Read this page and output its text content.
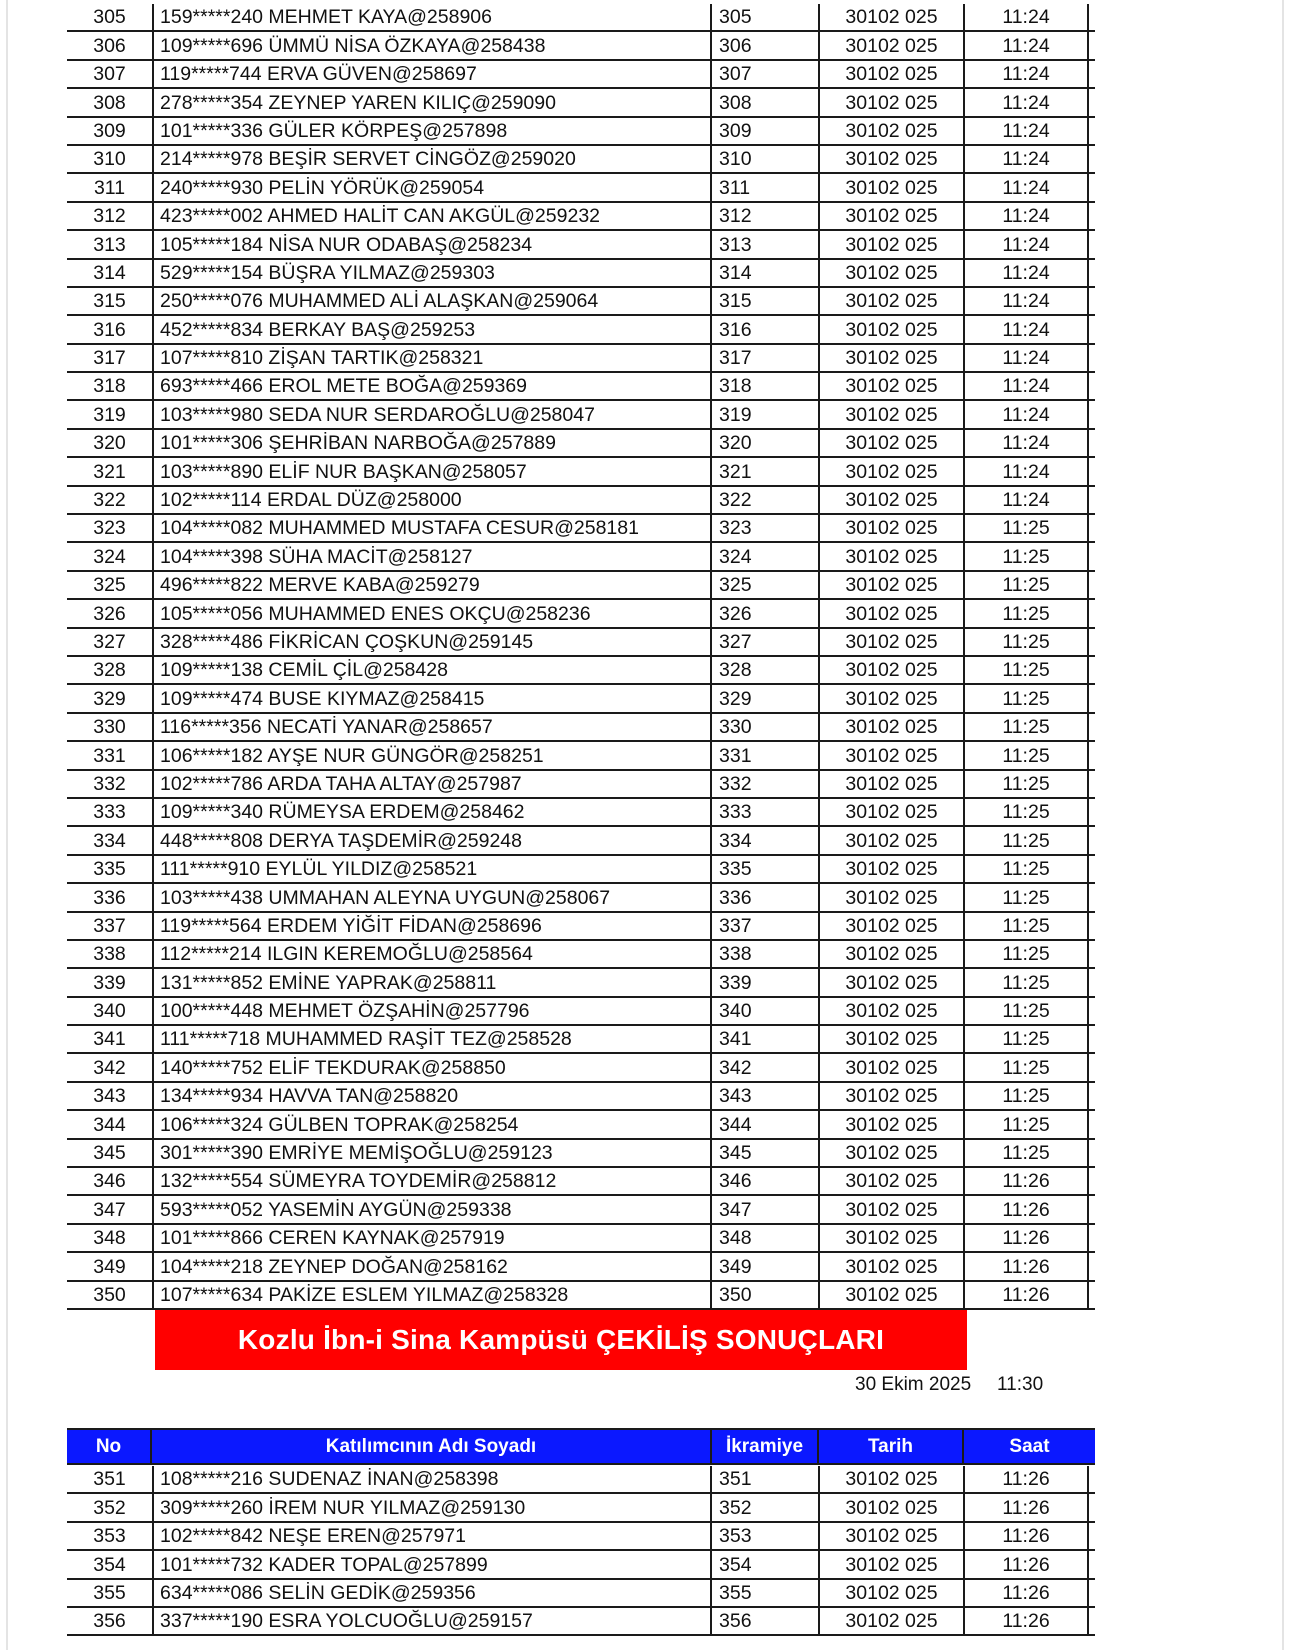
305	159*****240 MEHMET KAYA@258906	305	30102 025	11:24
306	109*****696 ÜMMÜ NİSA ÖZKAYA@258438	306	30102 025	11:24
307	119*****744 ERVA GÜVEN@258697	307	30102 025	11:24
308	278*****354 ZEYNEP YAREN KILIÇ@259090	308	30102 025	11:24
309	101*****336 GÜLER KÖRPEŞ@257898	309	30102 025	11:24
310	214*****978 BEŞİR SERVET CİNGÖZ@259020	310	30102 025	11:24
311	240*****930 PELİN YÖRÜK@259054	311	30102 025	11:24
312	423*****002 AHMED HALİT CAN AKGÜL@259232	312	30102 025	11:24
313	105*****184 NİSA NUR ODABAŞ@258234	313	30102 025	11:24
314	529*****154 BÜŞRA YILMAZ@259303	314	30102 025	11:24
315	250*****076 MUHAMMED ALİ ALAŞKAN@259064	315	30102 025	11:24
316	452*****834 BERKAY BAŞ@259253	316	30102 025	11:24
317	107*****810 ZİŞAN TARTIK@258321	317	30102 025	11:24
318	693*****466 EROL METE BOĞA@259369	318	30102 025	11:24
319	103*****980 SEDA NUR SERDAROĞLU@258047	319	30102 025	11:24
320	101*****306 ŞEHRİBAN NARBOĞA@257889	320	30102 025	11:24
321	103*****890 ELİF NUR BAŞKAN@258057	321	30102 025	11:24
322	102*****114 ERDAL DÜZ@258000	322	30102 025	11:24
323	104*****082 MUHAMMED MUSTAFA CESUR@258181	323	30102 025	11:25
324	104*****398 SÜHA MACİT@258127	324	30102 025	11:25
325	496*****822 MERVE KABA@259279	325	30102 025	11:25
326	105*****056 MUHAMMED ENES OKÇU@258236	326	30102 025	11:25
327	328*****486 FİKRİCAN ÇOŞKUN@259145	327	30102 025	11:25
328	109*****138 CEMİL ÇİL@258428	328	30102 025	11:25
329	109*****474 BUSE KIYMAZ@258415	329	30102 025	11:25
330	116*****356 NECATİ YANAR@258657	330	30102 025	11:25
331	106*****182 AYŞE NUR GÜNGÖR@258251	331	30102 025	11:25
332	102*****786 ARDA TAHA ALTAY@257987	332	30102 025	11:25
333	109*****340 RÜMEYSA ERDEM@258462	333	30102 025	11:25
334	448*****808 DERYA TAŞDEMİR@259248	334	30102 025	11:25
335	111*****910 EYLÜL YILDIZ@258521	335	30102 025	11:25
336	103*****438 UMMAHAN ALEYNA UYGUN@258067	336	30102 025	11:25
337	119*****564 ERDEM YİĞİT FİDAN@258696	337	30102 025	11:25
338	112*****214 ILGIN KEREMOĞLU@258564	338	30102 025	11:25
339	131*****852 EMİNE YAPRAK@258811	339	30102 025	11:25
340	100*****448 MEHMET ÖZŞAHİN@257796	340	30102 025	11:25
341	111*****718 MUHAMMED RAŞİT TEZ@258528	341	30102 025	11:25
342	140*****752 ELİF TEKDURAK@258850	342	30102 025	11:25
343	134*****934 HAVVA TAN@258820	343	30102 025	11:25
344	106*****324 GÜLBEN TOPRAK@258254	344	30102 025	11:25
345	301*****390 EMRİYE MEMİŞOĞLU@259123	345	30102 025	11:25
346	132*****554 SÜMEYRA TOYDEMİR@258812	346	30102 025	11:26
347	593*****052 YASEMİN AYGÜN@259338	347	30102 025	11:26
348	101*****866 CEREN KAYNAK@257919	348	30102 025	11:26
349	104*****218 ZEYNEP DOĞAN@258162	349	30102 025	11:26
350	107*****634 PAKİZE ESLEM YILMAZ@258328	350	30102 025	11:26
Kozlu İbn-i Sina Kampüsü ÇEKİLİŞ SONUÇLARI
30 Ekim 2025 11:30
No	Katılımcının Adı Soyadı	İkramiye	Tarih	Saat
351	108*****216 SUDENAZ İNAN@258398	351	30102 025	11:26
352	309*****260 İREM NUR YILMAZ@259130	352	30102 025	11:26
353	102*****842 NEŞE EREN@257971	353	30102 025	11:26
354	101*****732 KADER TOPAL@257899	354	30102 025	11:26
355	634*****086 SELİN GEDİK@259356	355	30102 025	11:26
356	337*****190 ESRA YOLCUOĞLU@259157	356	30102 025	11:26
